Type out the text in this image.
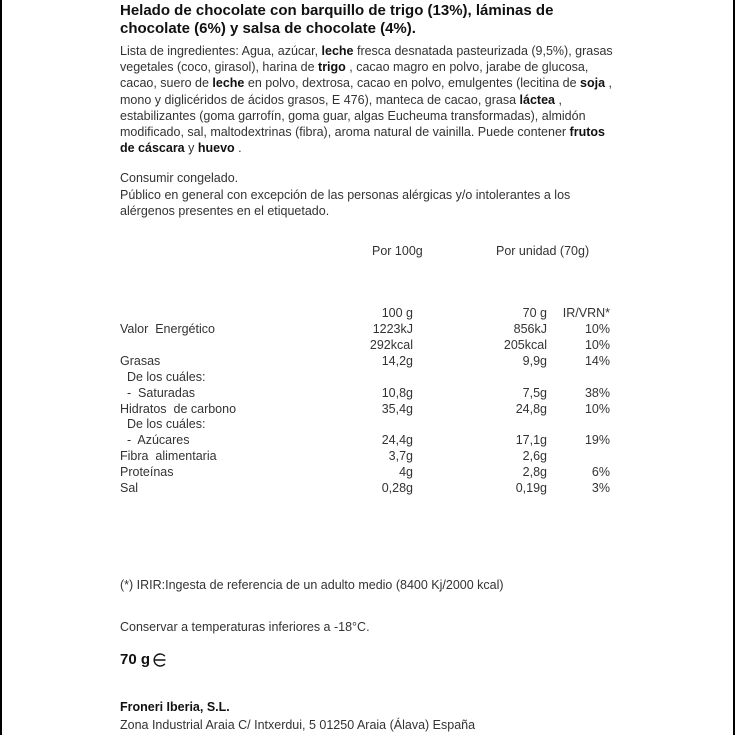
Helado de chocolate con barquillo de trigo (13%), láminas de chocolate (6%) y salsa de chocolate (4%).
Lista de ingredientes: Agua, azúcar, leche fresca desnatada pasteurizada (9,5%), grasas vegetales (coco, girasol), harina de trigo , cacao magro en polvo, jarabe de glucosa, cacao, suero de leche en polvo, dextrosa, cacao en polvo, emulgentes (lecitina de soja , mono y diglicéridos de ácidos grasos, E 476), manteca de cacao, grasa láctea , estabilizantes (goma garrofín, goma guar, algas Eucheuma transformadas), almidón modificado, sal, maltodextrinas (fibra), aroma natural de vainilla. Puede contener frutos de cáscara y huevo .
Consumir congelado.
Público en general con excepción de las personas alérgicas y/o intolerantes a los alérgenos presentes en el etiquetado.
Por 100g	Por unidad (70g)
100 g	70 g IR/VRN*
Valor  Energético	1223kJ	856kJ	10%
292kcal	205kcal	10%
Grasas	14,2g	9,9g	14%
De los cuáles:
-  Saturadas	10,8g	7,5g	38%
Hidratos  de carbono	35,4g	24,8g	10%
De los cuáles:
-  Azúcares	24,4g	17,1g	19%
Fibra  alimentaria	3,7g	2,6g
Proteínas	4g	2,8g	6%
Sal	0,28g	0,19g	3%
(*) IRIR:Ingesta de referencia de un adulto medio (8400 Kj/2000 kcal)
Conservar a temperaturas inferiores a -18°C.
70 g
Froneri Iberia, S.L.
Zona Industrial Araia C/ Intxerdui, 5 01250 Araia (Álava) España
